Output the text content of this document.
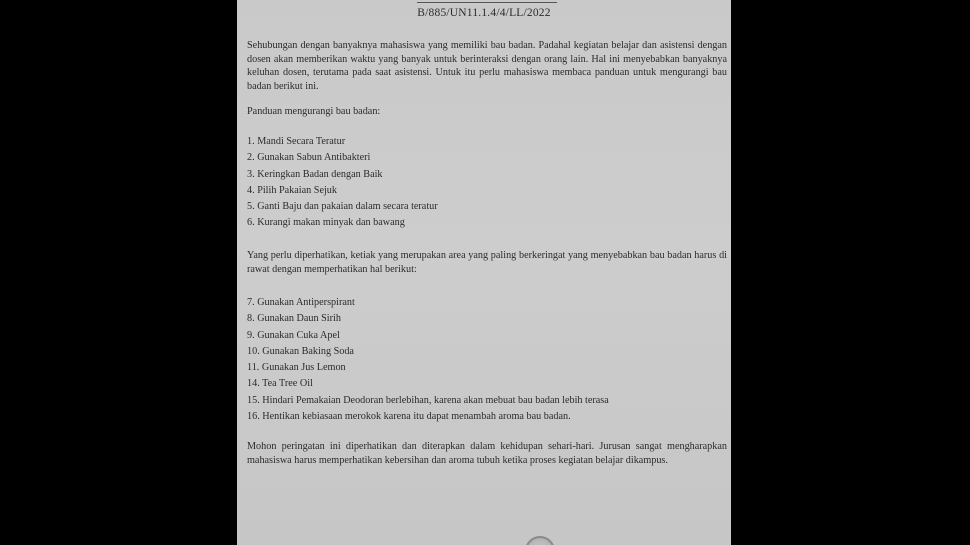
B/885/UN11.1.4/4/LL/2022
Sehubungan dengan banyaknya mahasiswa yang memiliki bau badan. Padahal kegiatan belajar dan asistensi dengan dosen akan memberikan waktu yang banyak untuk berinteraksi dengan orang lain. Hal ini menyebabkan banyaknya keluhan dosen, terutama pada saat asistensi. Untuk itu perlu mahasiswa membaca panduan untuk mengurangi bau badan berikut ini.
Panduan mengurangi bau badan:
1. Mandi Secara Teratur
2. Gunakan Sabun Antibakteri
3. Keringkan Badan dengan Baik
4. Pilih Pakaian Sejuk
5. Ganti Baju dan pakaian dalam secara teratur
6. Kurangi makan minyak dan bawang
Yang perlu diperhatikan, ketiak yang merupakan area yang paling berkeringat yang menyebabkan bau badan harus di rawat dengan memperhatikan hal berikut:
7. Gunakan Antiperspirant
8. Gunakan Daun Sirih
9. Gunakan Cuka Apel
10. Gunakan Baking Soda
11. Gunakan Jus Lemon
14. Tea Tree Oil
15. Hindari Pemakaian Deodoran berlebihan, karena akan mebuat bau badan lebih terasa
16. Hentikan kebiasaan merokok karena itu dapat menambah aroma bau badan.
Mohon peringatan ini diperhatikan dan diterapkan dalam kehidupan sehari-hari. Jurusan sangat mengharapkan mahasiswa harus memperhatikan kebersihan dan aroma tubuh ketika proses kegiatan belajar dikampus.
